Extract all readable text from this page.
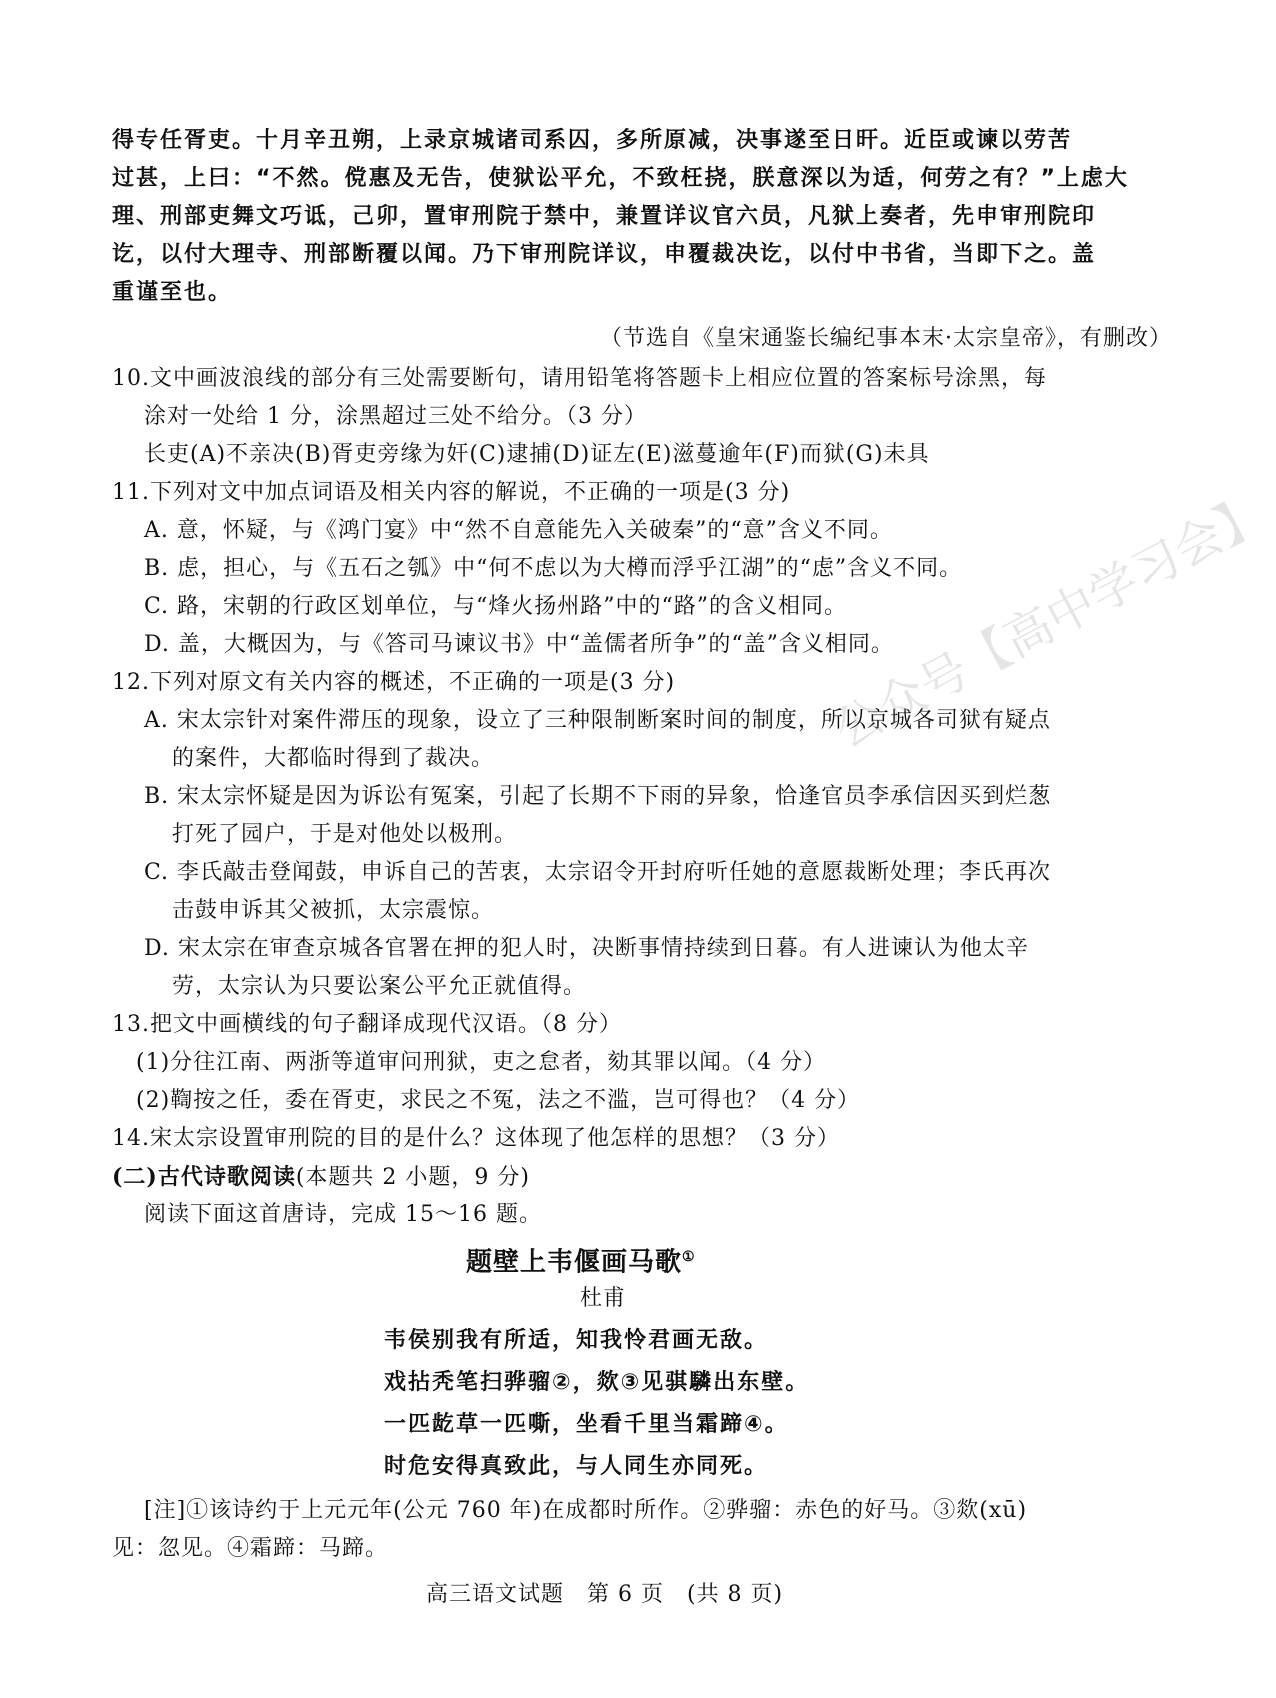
得专任胥吏。十月辛丑朔，上录京城诸司系囚，多所原减，决事遂至日旰。近臣或谏以劳苦
过甚，上曰：“不然。傥惠及无告，使狱讼平允，不致枉挠，朕意深以为适，何劳之有？”上虑大
理、刑部吏舞文巧诋，己卯，置审刑院于禁中，兼置详议官六员，凡狱上奏者，先申审刑院印
讫，以付大理寺、刑部断覆以闻。乃下审刑院详议，申覆裁决讫，以付中书省，当即下之。盖
重谨至也。
（节选自《皇宋通鉴长编纪事本末·太宗皇帝》，有删改）
10.文中画波浪线的部分有三处需要断句，请用铅笔将答题卡上相应位置的答案标号涂黑，每
涂对一处给 1 分，涂黑超过三处不给分。（3 分）
长吏(A)不亲决(B)胥吏旁缘为奸(C)逮捕(D)证左(E)滋蔓逾年(F)而狱(G)未具
11.下列对文中加点词语及相关内容的解说，不正确的一项是(3 分)
A. 意，怀疑，与《鸿门宴》中“然不自意能先入关破秦”的“意”含义不同。
B. 虑，担心，与《五石之瓠》中“何不虑以为大樽而浮乎江湖”的“虑”含义不同。
C. 路，宋朝的行政区划单位，与“烽火扬州路”中的“路”的含义相同。
D. 盖，大概因为，与《答司马谏议书》中“盖儒者所争”的“盖”含义相同。
12.下列对原文有关内容的概述，不正确的一项是(3 分)
A. 宋太宗针对案件滞压的现象，设立了三种限制断案时间的制度，所以京城各司狱有疑点
的案件，大都临时得到了裁决。
B. 宋太宗怀疑是因为诉讼有冤案，引起了长期不下雨的异象，恰逢官员李承信因买到烂葱
打死了园户，于是对他处以极刑。
C. 李氏敲击登闻鼓，申诉自己的苦衷，太宗诏令开封府听任她的意愿裁断处理；李氏再次
击鼓申诉其父被抓，太宗震惊。
D. 宋太宗在审查京城各官署在押的犯人时，决断事情持续到日暮。有人进谏认为他太辛
劳，太宗认为只要讼案公平允正就值得。
13.把文中画横线的句子翻译成现代汉语。（8 分）
(1)分往江南、两浙等道审问刑狱，吏之怠者，劾其罪以闻。（4 分）
(2)鞫按之任，委在胥吏，求民之不冤，法之不滥，岂可得也？（4 分）
14.宋太宗设置审刑院的目的是什么？这体现了他怎样的思想？（3 分）
(二)古代诗歌阅读(本题共 2 小题，9 分)
阅读下面这首唐诗，完成 15～16 题。
题壁上韦偃画马歌①
杜甫
韦侯别我有所适，知我怜君画无敌。
戏拈秃笔扫骅骝②，欻③见骐驎出东壁。
一匹龁草一匹嘶，坐看千里当霜蹄④。
时危安得真致此，与人同生亦同死。
[注]①该诗约于上元元年(公元 760 年)在成都时所作。②骅骝：赤色的好马。③欻(xū)
见：忽见。④霜蹄：马蹄。
高三语文试题　第 6 页　(共 8 页)
公众号【高中学习会】
